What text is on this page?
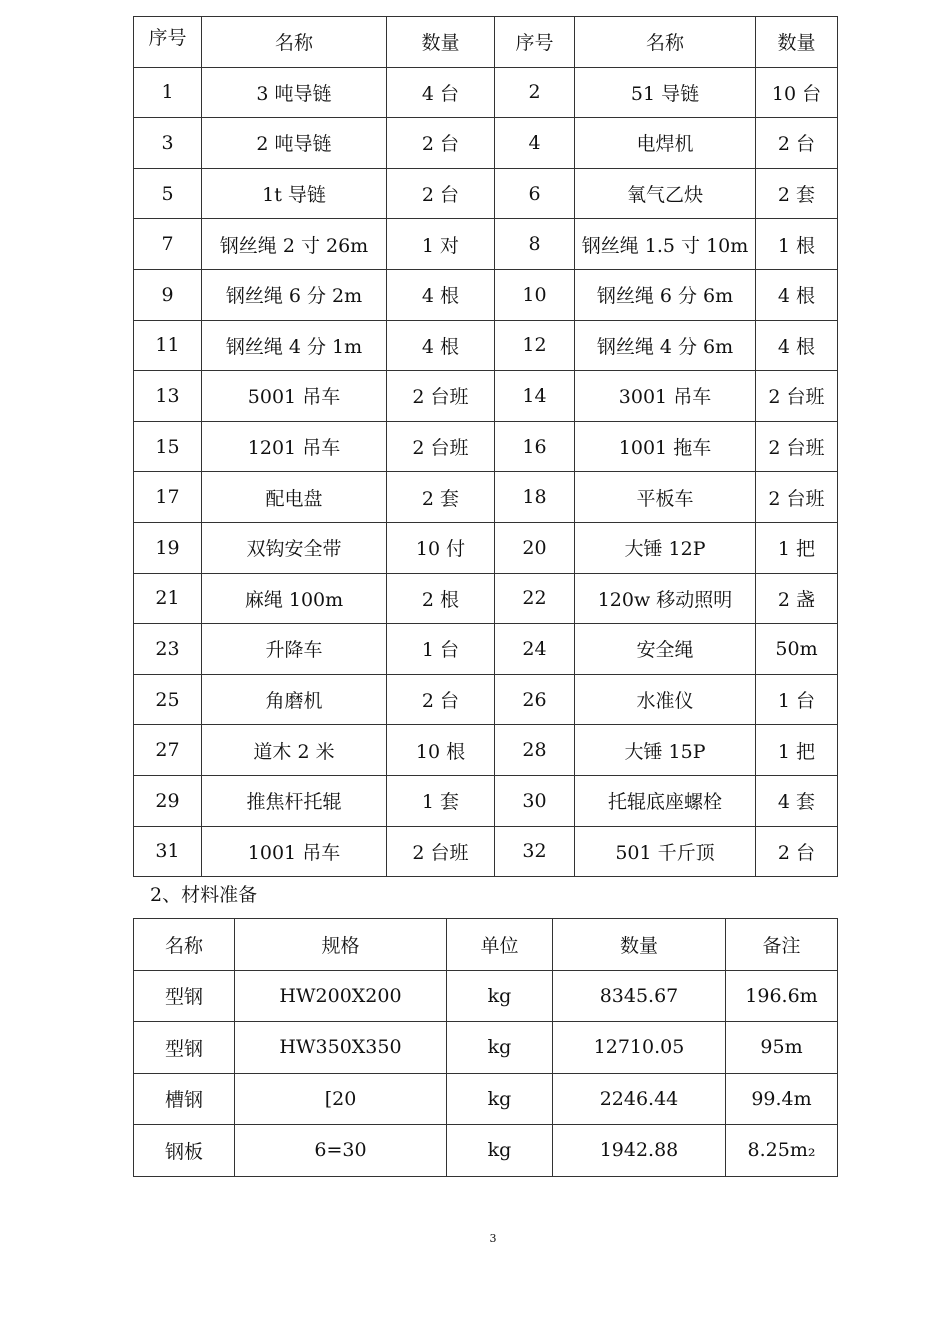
序号	名称	数量	序号	名称	数量
1	3 吨导链	4 台	2	51 导链	10 台
3	2 吨导链	2 台	4	电焊机	2 台
5	1t 导链	2 台	6	氧气乙炔	2 套
7	钢丝绳 2 寸 26m	1 对	8	钢丝绳 1.5 寸 10m	1 根
9	钢丝绳 6 分 2m	4 根	10	钢丝绳 6 分 6m	4 根
11	钢丝绳 4 分 1m	4 根	12	钢丝绳 4 分 6m	4 根
13	5001 吊车	2 台班	14	3001 吊车	2 台班
15	1201 吊车	2 台班	16	1001 拖车	2 台班
17	配电盘	2 套	18	平板车	2 台班
19	双钩安全带	10 付	20	大锤 12P	1 把
21	麻绳 100m	2 根	22	120w 移动照明	2 盏
23	升降车	1 台	24	安全绳	50m
25	角磨机	2 台	26	水准仪	1 台
27	道木 2 米	10 根	28	大锤 15P	1 把
29	推焦杆托辊	1 套	30	托辊底座螺栓	4 套
31	1001 吊车	2 台班	32	501 千斤顶	2 台
2、材料准备
名称	规格	单位	数量	备注
型钢	HW200X200	kg	8345.67	196.6m
型钢	HW350X350	kg	12710.05	95m
槽钢	[20	kg	2246.44	99.4m
钢板	6=30	kg	1942.88	8.25m₂
3
